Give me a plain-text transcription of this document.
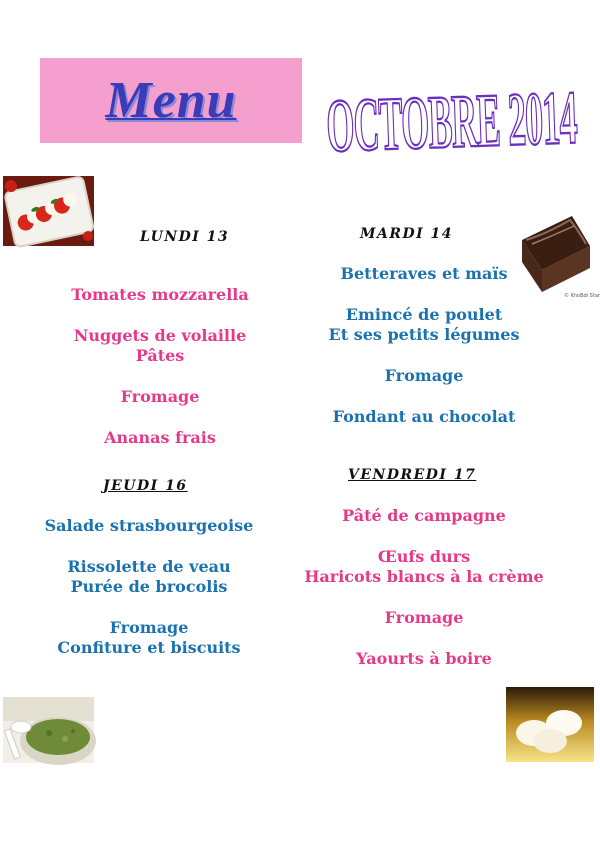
Menu OCTOBRE 2014
© KhoBdi Star
LUNDI 13
Tomates mozzarella
Nuggets de volaille
Pâtes
Fromage
Ananas frais
MARDI 14
Betteraves et maïs
Emincé de poulet
Et ses petits légumes
Fromage
Fondant au chocolat
JEUDI 16
Salade strasbourgeoise
Rissolette de veau
Purée de brocolis
Fromage
Confiture et biscuits
VENDREDI 17
Pâté de campagne
Œufs durs
Haricots blancs à la crème
Fromage
Yaourts à boire
